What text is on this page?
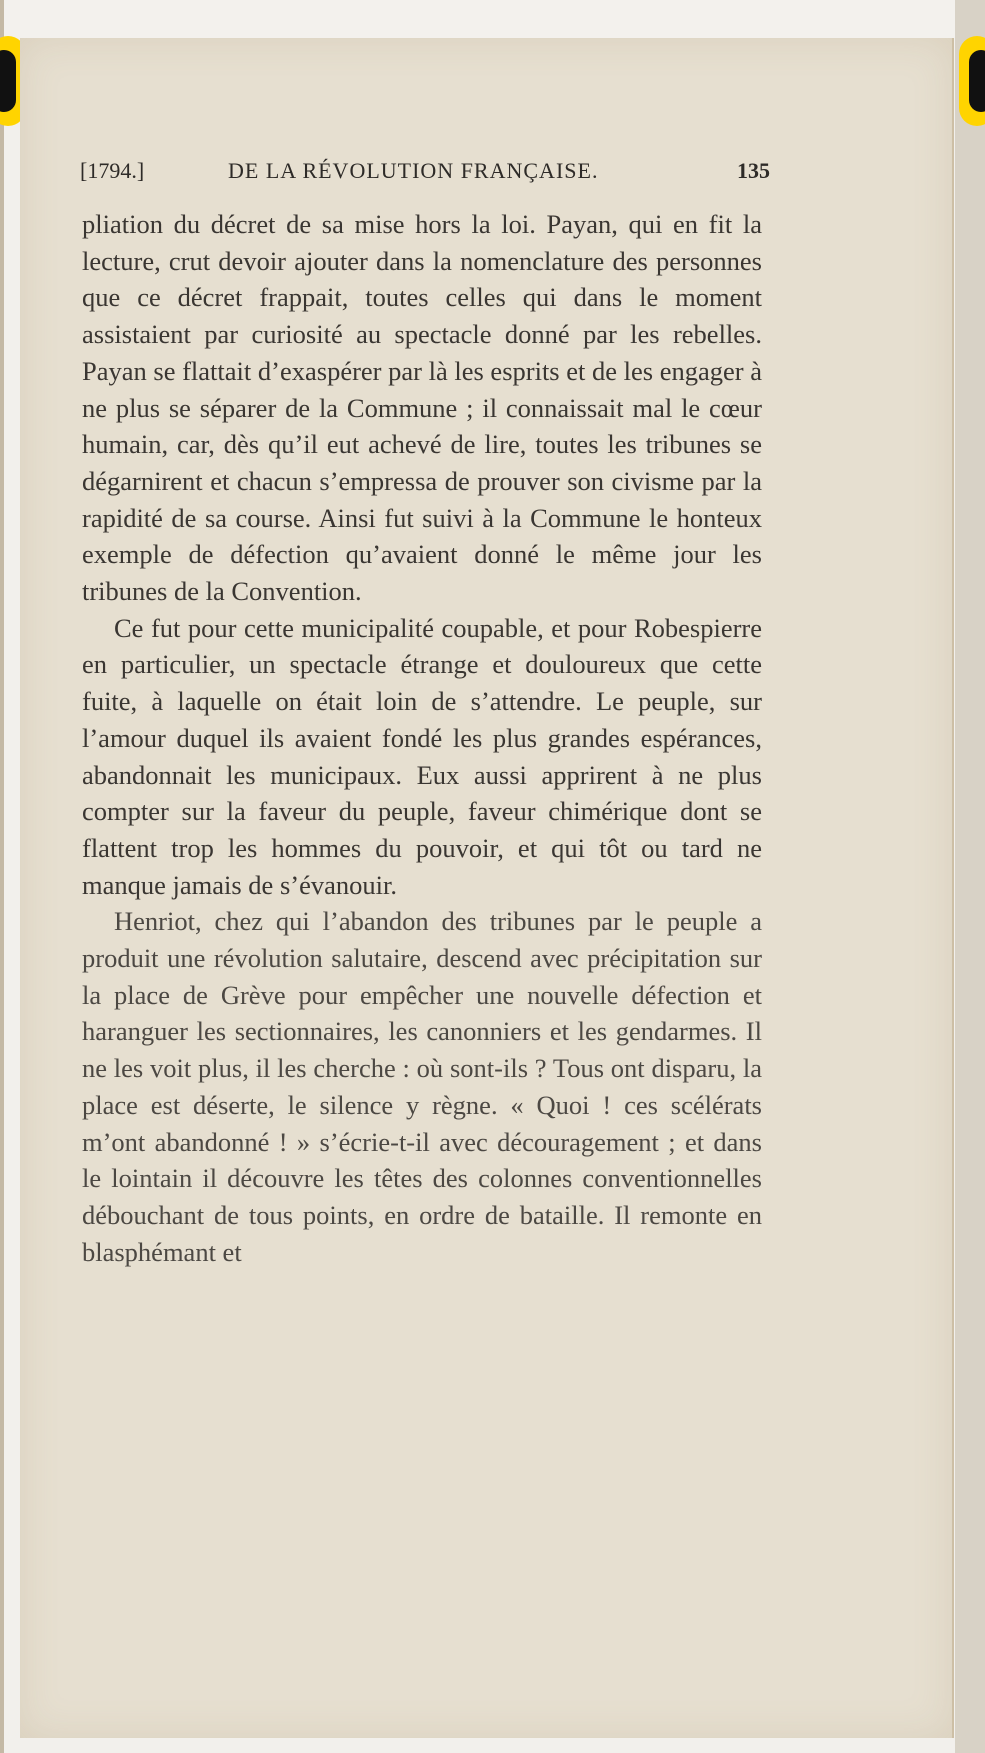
[1794.]	DE LA RÉVOLUTION FRANÇAISE.	135

pliation du décret de sa mise hors la loi. Payan, qui en fit la lecture, crut devoir ajouter dans la nomenclature des personnes que ce décret frappait, toutes celles qui dans le moment assistaient par curiosité au spectacle donné par les rebelles. Payan se flattait d’exaspérer par là les esprits et de les engager à ne plus se séparer de la Commune ; il connaissait mal le cœur humain, car, dès qu’il eut achevé de lire, toutes les tribunes se dégarnirent et chacun s’empressa de prouver son civisme par la rapidité de sa course. Ainsi fut suivi à la Commune le honteux exemple de défection qu’avaient donné le même jour les tribunes de la Convention.

Ce fut pour cette municipalité coupable, et pour Robespierre en particulier, un spectacle étrange et douloureux que cette fuite, à laquelle on était loin de s’attendre. Le peuple, sur l’amour duquel ils avaient fondé les plus grandes espérances, abandonnait les municipaux. Eux aussi apprirent à ne plus compter sur la faveur du peuple, faveur chimérique dont se flattent trop les hommes du pouvoir, et qui tôt ou tard ne manque jamais de s’évanouir.

Henriot, chez qui l’abandon des tribunes par le peuple a produit une révolution salutaire, descend avec précipitation sur la place de Grève pour empêcher une nouvelle défection et haranguer les sectionnaires, les canonniers et les gendarmes. Il ne les voit plus, il les cherche : où sont-ils ? Tous ont disparu, la place est déserte, le silence y règne. « Quoi ! ces scélérats m’ont abandonné ! » s’écrie-t-il avec découragement ; et dans le lointain il découvre les têtes des colonnes conventionnelles débouchant de tous points, en ordre de bataille. Il remonte en blasphémant et
